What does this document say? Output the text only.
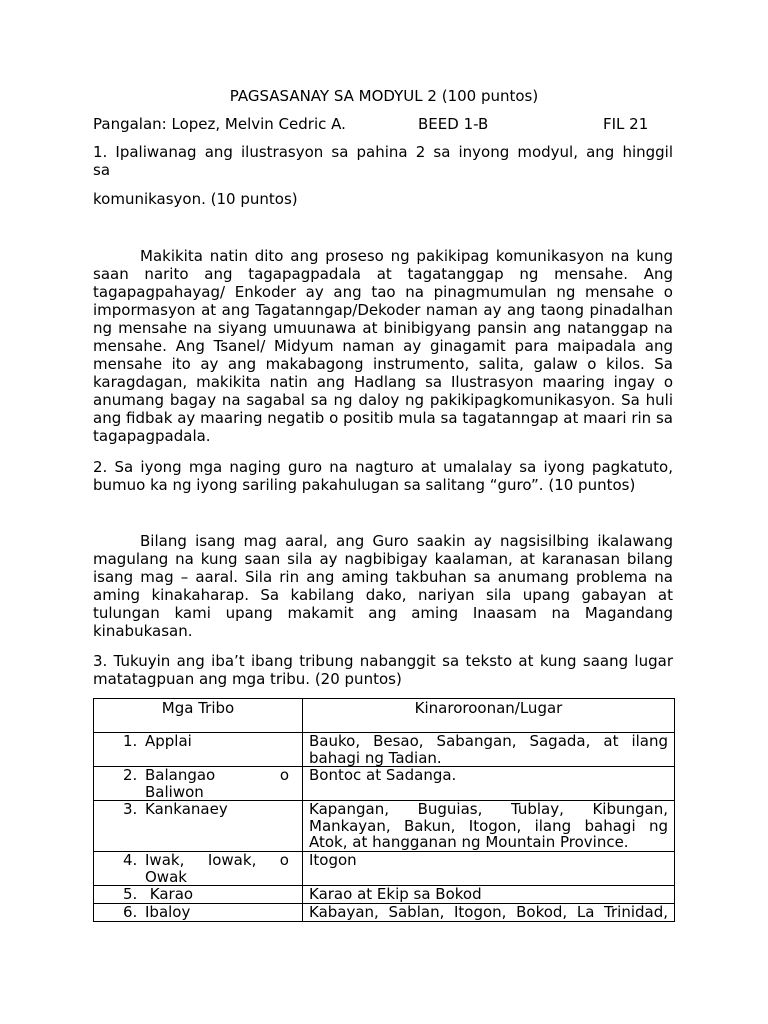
PAGSASANAY SA MODYUL 2 (100 puntos)
Pangalan: Lopez, Melvin Cedric A.	BEED 1-B	FIL 21
1. Ipaliwanag ang ilustrasyon sa pahina 2 sa inyong modyul, ang hinggil
sa
komunikasyon. (10 puntos)
Makikita natin dito ang proseso ng pakikipag komunikasyon na kung saan narito ang tagapagpadala at tagatanggap ng mensahe. Ang tagapagpahayag/ Enkoder ay ang tao na pinagmumulan ng mensahe o impormasyon at ang Tagatanngap/Dekoder naman ay ang taong pinadalhan ng mensahe na siyang umuunawa at binibigyang pansin ang natanggap na mensahe. Ang Tsanel/ Midyum naman ay ginagamit para maipadala ang mensahe ito ay ang makabagong instrumento, salita, galaw o kilos. Sa karagdagan, makikita natin ang Hadlang sa Ilustrasyon maaring ingay o anumang bagay na sagabal sa ng daloy ng pakikipagkomunikasyon. Sa huli ang fidbak ay maaring negatib o positib mula sa tagatanngap at maari rin sa tagapagpadala.
2. Sa iyong mga naging guro na nagturo at umalalay sa iyong pagkatuto, bumuo ka ng iyong sariling pakahulugan sa salitang “guro”. (10 puntos)
Bilang isang mag aaral, ang Guro saakin ay nagsisilbing ikalawang magulang na kung saan sila ay nagbibigay kaalaman, at karanasan bilang isang mag – aaral. Sila rin ang aming takbuhan sa anumang problema na aming kinakaharap. Sa kabilang dako, nariyan sila upang gabayan at tulungan kami upang makamit ang aming Inaasam na Magandang kinabukasan.
3. Tukuyin ang iba’t ibang tribung nabanggit sa teksto at kung saang lugar matatagpuan ang mga tribu. (20 puntos)
Mga Tribo	Kinaroroonan/Lugar
1. Applai	Bauko, Besao, Sabangan, Sagada, at ilang bahagi ng Tadian.
2. Balangao o
Baliwon	Bontoc at Sadanga.
3. Kankanaey	Kapangan, Buguias, Tublay, Kibungan, Mankayan, Bakun, Itogon, ilang bahagi ng Atok, at hangganan ng Mountain Province.
4. Iwak, Iowak, o
Owak	Itogon
5. Karao	Karao at Ekip sa Bokod
6. Ibaloy	Kabayan, Sablan, Itogon, Bokod, La Trinidad,
